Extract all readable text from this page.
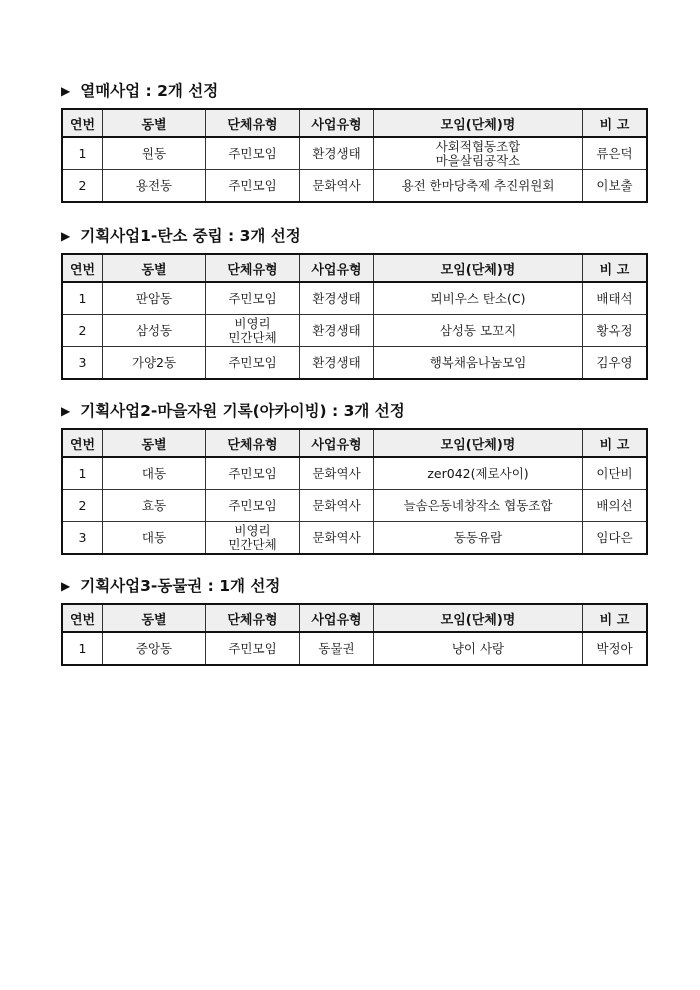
▶ 열매사업 : 2개 선정
연번	동별	단체유형	사업유형	모임(단체)명	비 고
1	원동	주민모임	환경생태	사회적협동조합
마을살림공작소	류은덕
2	용전동	주민모임	문화역사	용전 한마당축제 추진위원회	이보출
▶ 기획사업1-탄소 중립 : 3개 선정
연번	동별	단체유형	사업유형	모임(단체)명	비 고
1	판암동	주민모임	환경생태	뫼비우스 탄소(C)	배태석
2	삼성동	비영리
민간단체	환경생태	삼성동 모꼬지	황옥정
3	가양2동	주민모임	환경생태	행복채움나눔모임	김우영
▶ 기획사업2-마을자원 기록(아카이빙) : 3개 선정
연번	동별	단체유형	사업유형	모임(단체)명	비 고
1	대동	주민모임	문화역사	zer042(제로사이)	이단비
2	효동	주민모임	문화역사	늘솜은동네창작소 협동조합	배의선
3	대동	비영리
민간단체	문화역사	동동유람	임다은
▶ 기획사업3-동물권 : 1개 선정
연번	동별	단체유형	사업유형	모임(단체)명	비 고
1	중앙동	주민모임	동물권	냥이 사랑	박정아
